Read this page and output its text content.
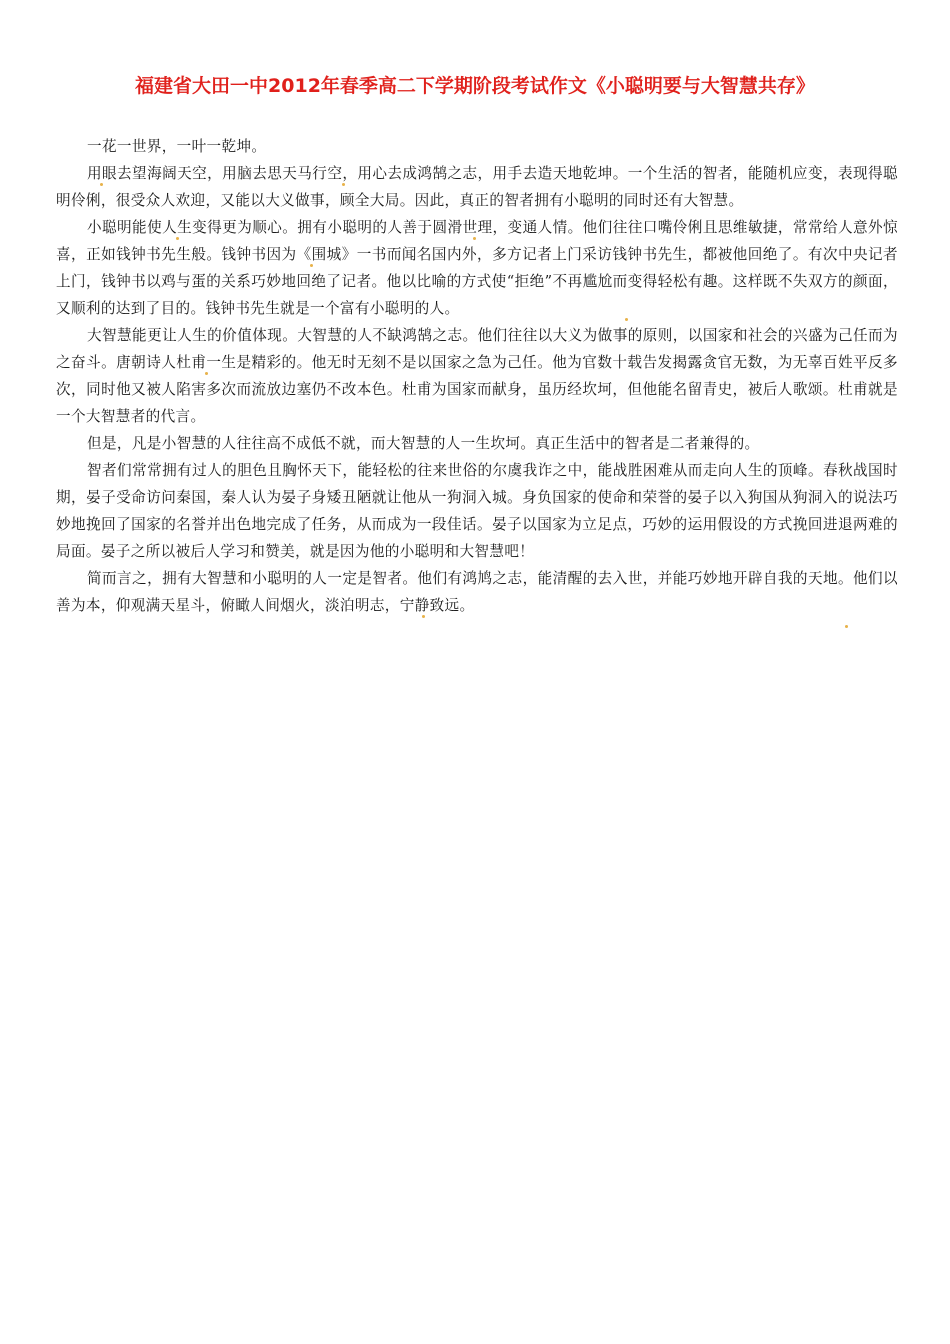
福建省大田一中2012年春季高二下学期阶段考试作文《小聪明要与大智慧共存》

一花一世界，一叶一乾坤。

用眼去望海阔天空，用脑去思天马行空，用心去成鸿鹄之志，用手去造天地乾坤。一个生活的智者，能随机应变，表现得聪明伶俐，很受众人欢迎，又能以大义做事，顾全大局。因此，真正的智者拥有小聪明的同时还有大智慧。

小聪明能使人生变得更为顺心。拥有小聪明的人善于圆滑世理，变通人情。他们往往口嘴伶俐且思维敏捷，常常给人意外惊喜，正如钱钟书先生般。钱钟书因为《围城》一书而闻名国内外，多方记者上门采访钱钟书先生，都被他回绝了。有次中央记者上门，钱钟书以鸡与蛋的关系巧妙地回绝了记者。他以比喻的方式使“拒绝”不再尴尬而变得轻松有趣。这样既不失双方的颜面，又顺利的达到了目的。钱钟书先生就是一个富有小聪明的人。

大智慧能更让人生的价值体现。大智慧的人不缺鸿鹄之志。他们往往以大义为做事的原则，以国家和社会的兴盛为己任而为之奋斗。唐朝诗人杜甫一生是精彩的。他无时无刻不是以国家之急为己任。他为官数十载告发揭露贪官无数，为无辜百姓平反多次，同时他又被人陷害多次而流放边塞仍不改本色。杜甫为国家而献身，虽历经坎坷，但他能名留青史，被后人歌颂。杜甫就是一个大智慧者的代言。

但是，凡是小智慧的人往往高不成低不就，而大智慧的人一生坎坷。真正生活中的智者是二者兼得的。

智者们常常拥有过人的胆色且胸怀天下，能轻松的往来世俗的尔虞我诈之中，能战胜困难从而走向人生的顶峰。春秋战国时期，晏子受命访问秦国，秦人认为晏子身矮丑陋就让他从一狗洞入城。身负国家的使命和荣誉的晏子以入狗国从狗洞入的说法巧妙地挽回了国家的名誉并出色地完成了任务，从而成为一段佳话。晏子以国家为立足点，巧妙的运用假设的方式挽回进退两难的局面。晏子之所以被后人学习和赞美，就是因为他的小聪明和大智慧吧！

简而言之，拥有大智慧和小聪明的人一定是智者。他们有鸿鸠之志，能清醒的去入世，并能巧妙地开辟自我的天地。他们以善为本，仰观满天星斗，俯瞰人间烟火，淡泊明志，宁静致远。
